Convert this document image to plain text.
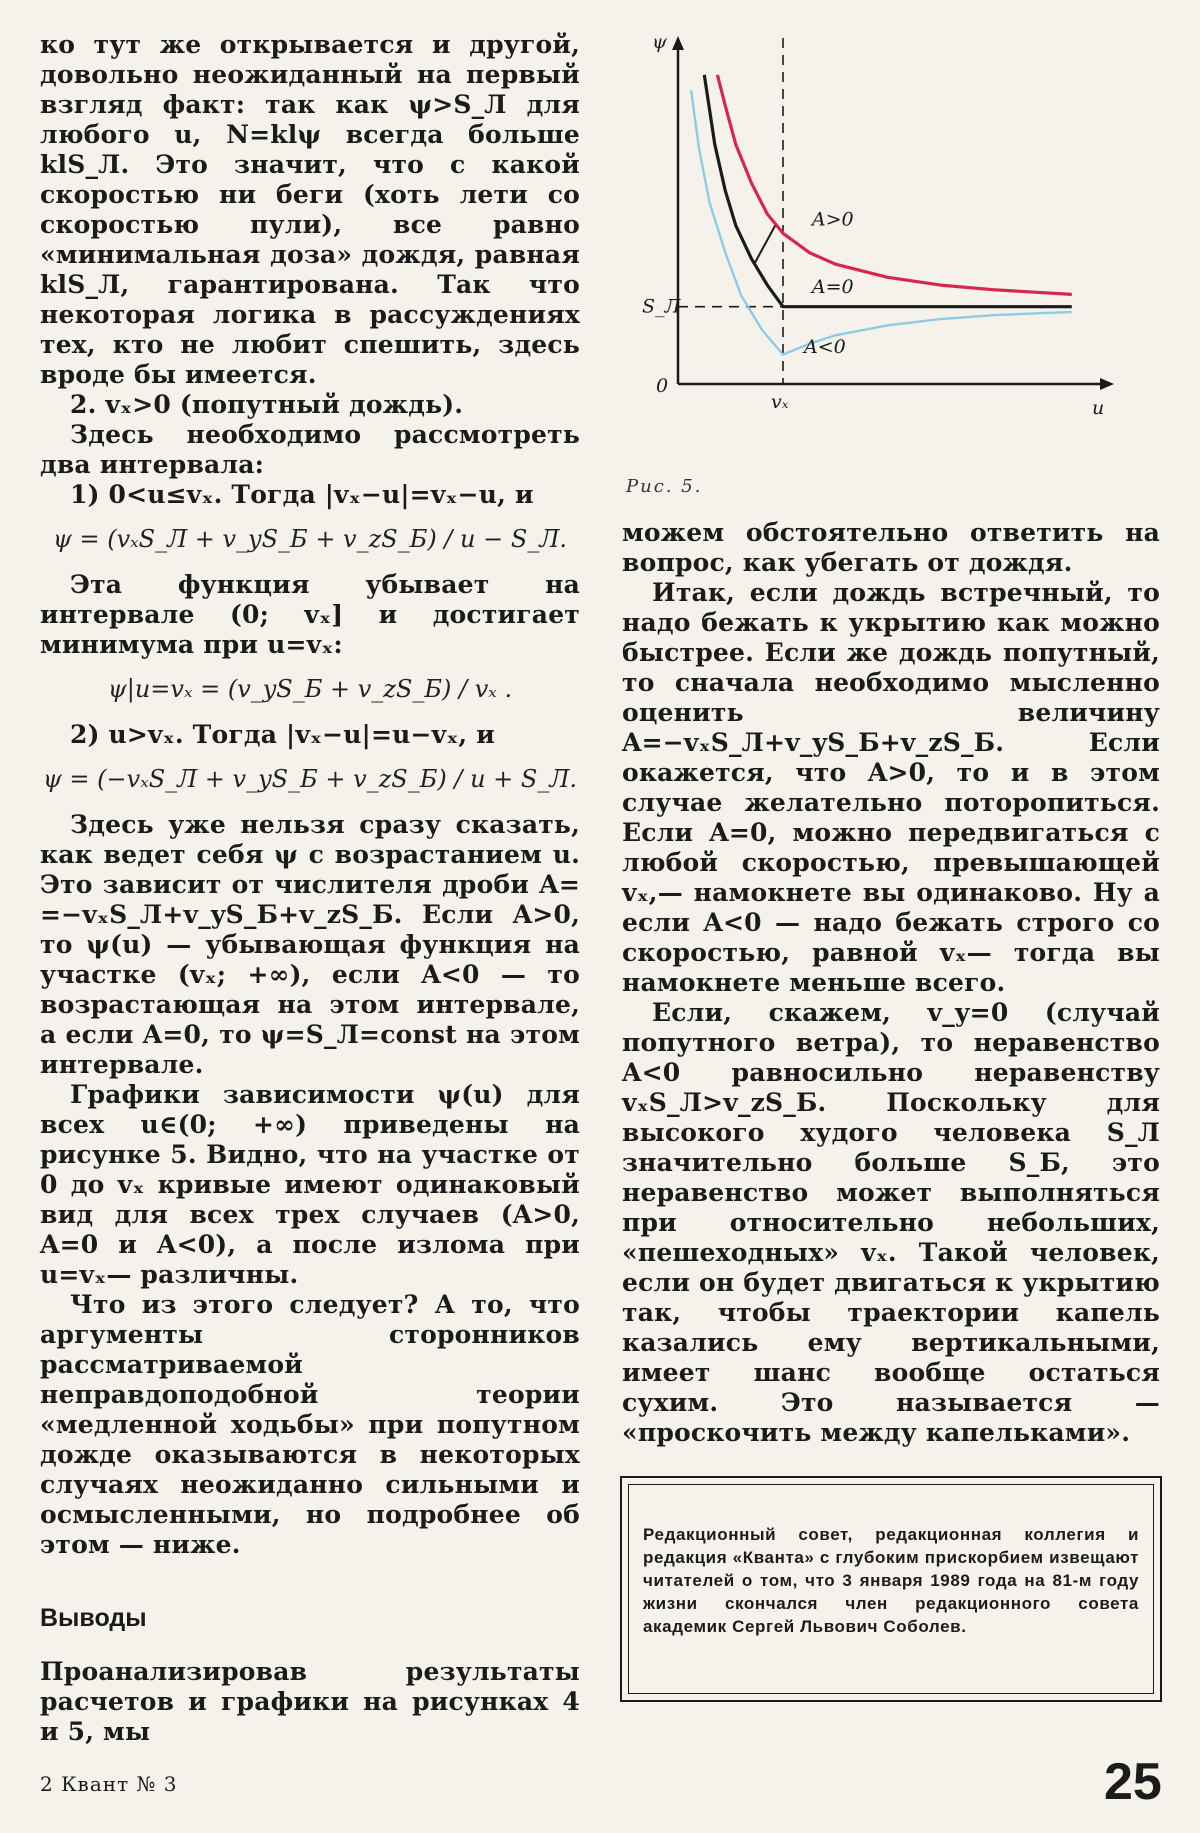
ко тут же открывается и другой, довольно неожиданный на первый взгляд факт: так как ψ>S_Л для любого u, N=klψ всегда больше klS_Л. Это значит, что с какой скоростью ни беги (хоть лети со скоростью пули), все равно «минимальная доза» дождя, равная klS_Л, гарантирована. Так что некоторая логика в рассуждениях тех, кто не любит спешить, здесь вроде бы имеется.

2. vₓ>0 (попутный дождь).

Здесь необходимо рассмотреть два интервала:

1) 0<u≤vₓ. Тогда |vₓ−u|=vₓ−u, и

ψ = (vₓS_Л + v_yS_Б + v_zS_Б) / u − S_Л.

Эта функция убывает на интервале (0; vₓ] и достигает минимума при u=vₓ:

ψ|u=vₓ = (v_yS_Б + v_zS_Б) / vₓ .

2) u>vₓ. Тогда |vₓ−u|=u−vₓ, и

ψ = (−vₓS_Л + v_yS_Б + v_zS_Б) / u + S_Л.

Здесь уже нельзя сразу сказать, как ведет себя ψ с возрастанием u. Это зависит от числителя дроби A= =−vₓS_Л+v_yS_Б+v_zS_Б. Если A>0, то ψ(u) — убывающая функция на участке (vₓ; +∞), если A<0 — то возрастающая на этом интервале, а если A=0, то ψ=S_Л=const на этом интервале.

Графики зависимости ψ(u) для всех u∈(0; +∞) приведены на рисунке 5. Видно, что на участке от 0 до vₓ кривые имеют одинаковый вид для всех трех случаев (A>0, A=0 и A<0), а после излома при u=vₓ— различны.

Что из этого следует? А то, что аргументы сторонников рассматриваемой неправдоподобной теории «медленной ходьбы» при попутном дожде оказываются в некоторых случаях неожиданно сильными и осмысленными, но подробнее об этом — ниже.

Выводы

Проанализировав результаты расчетов и графики на рисунках 4 и 5, мы

A>0
A=0
A<0
vₓ
S_Л
0
u
ψ
Рис. 5.

можем обстоятельно ответить на вопрос, как убегать от дождя.

Итак, если дождь встречный, то надо бежать к укрытию как можно быстрее. Если же дождь попутный, то сначала необходимо мысленно оценить величину A=−vₓS_Л+v_yS_Б+v_zS_Б. Если окажется, что A>0, то и в этом случае желательно поторопиться. Если A=0, можно передвигаться с любой скоростью, превышающей vₓ,— намокнете вы одинаково. Ну а если A<0 — надо бежать строго со скоростью, равной vₓ— тогда вы намокнете меньше всего.

Если, скажем, v_y=0 (случай попутного ветра), то неравенство A<0 равносильно неравенству vₓS_Л>v_zS_Б. Поскольку для высокого худого человека S_Л значительно больше S_Б, это неравенство может выполняться при относительно небольших, «пешеходных» vₓ. Такой человек, если он будет двигаться к укрытию так, чтобы траектории капель казались ему вертикальными, имеет шанс вообще остаться сухим. Это называется — «проскочить между капельками».

Редакционный совет, редакционная коллегия и редакция «Кванта» с глубоким прискорбием извещают читателей о том, что 3 января 1989 года на 81-м году жизни скончался член редакционного совета академик Сергей Львович Соболев.

2 Квант № 3	25
